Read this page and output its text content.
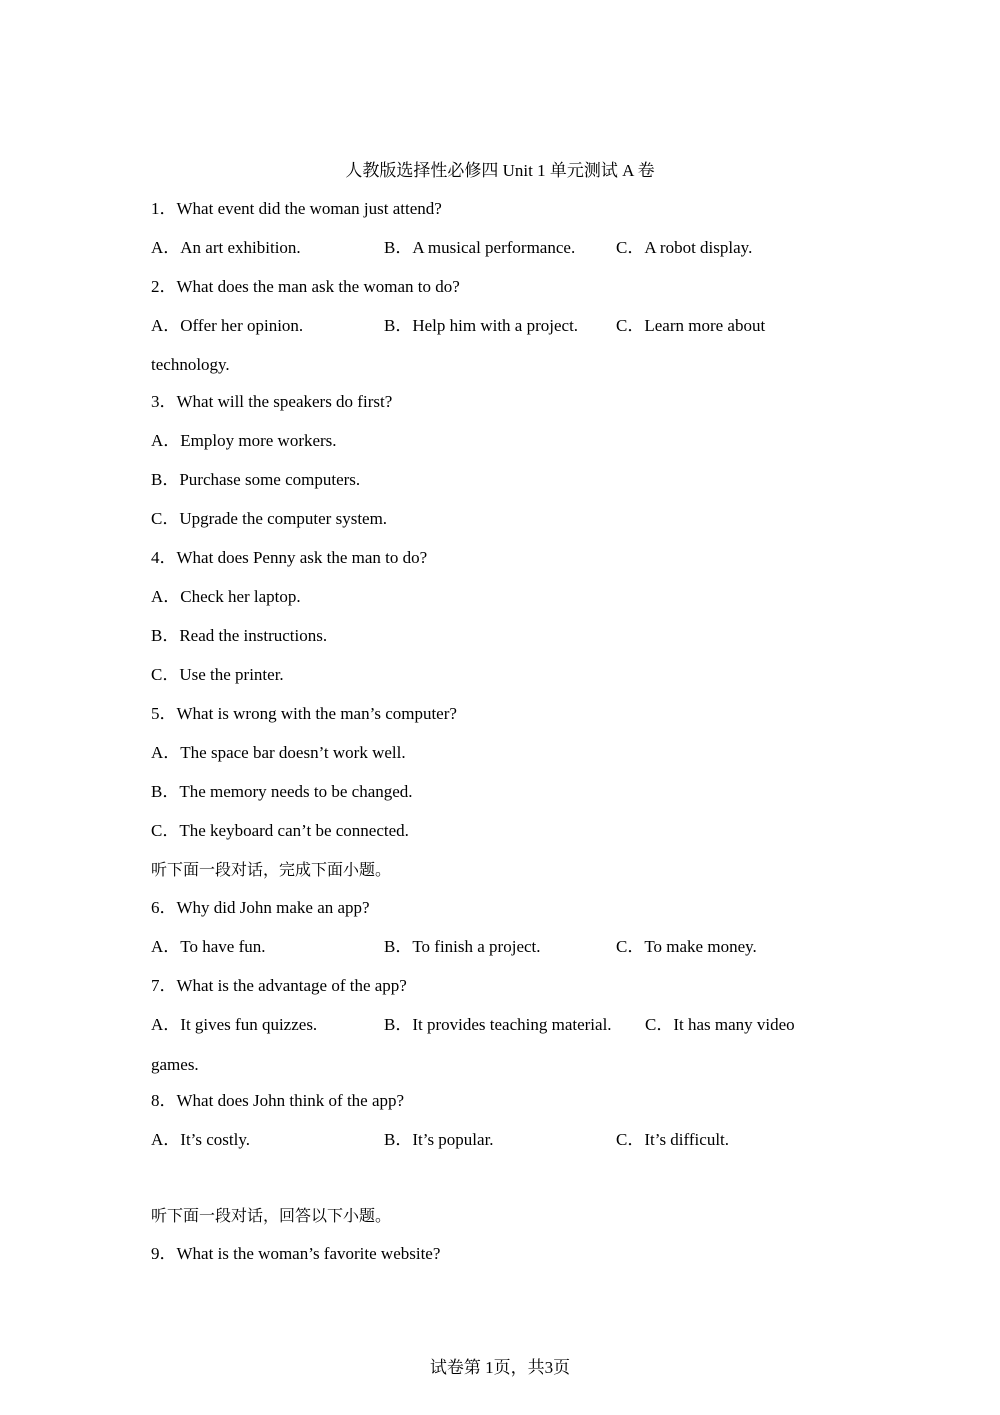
人教版选择性必修四 Unit 1 单元测试 A 卷
1．What event did the woman just attend?
A．An art exhibition.	B．A musical performance. C．A robot display.
2．What does the man ask the woman to do?
A．Offer her opinion.	B．Help him with a project. C．Learn more about
technology.
3．What will the speakers do first?
A．Employ more workers.
B．Purchase some computers.
C．Upgrade the computer system.
4．What does Penny ask the man to do?
A．Check her laptop.
B．Read the instructions.
C．Use the printer.
5．What is wrong with the man’s computer?
A．The space bar doesn’t work well.
B．The memory needs to be changed.
C．The keyboard can’t be connected.
听下面一段对话，完成下面小题。
6．Why did John make an app?
A．To have fun.	B．To finish a project.	C．To make money.
7．What is the advantage of the app?
A．It gives fun quizzes.	B．It provides teaching material. C．It has many video
games.
8．What does John think of the app?
A．It’s costly.	B．It’s popular.	C．It’s difficult.
听下面一段对话，回答以下小题。
9．What is the woman’s favorite website?
试卷第 1页，共3页
